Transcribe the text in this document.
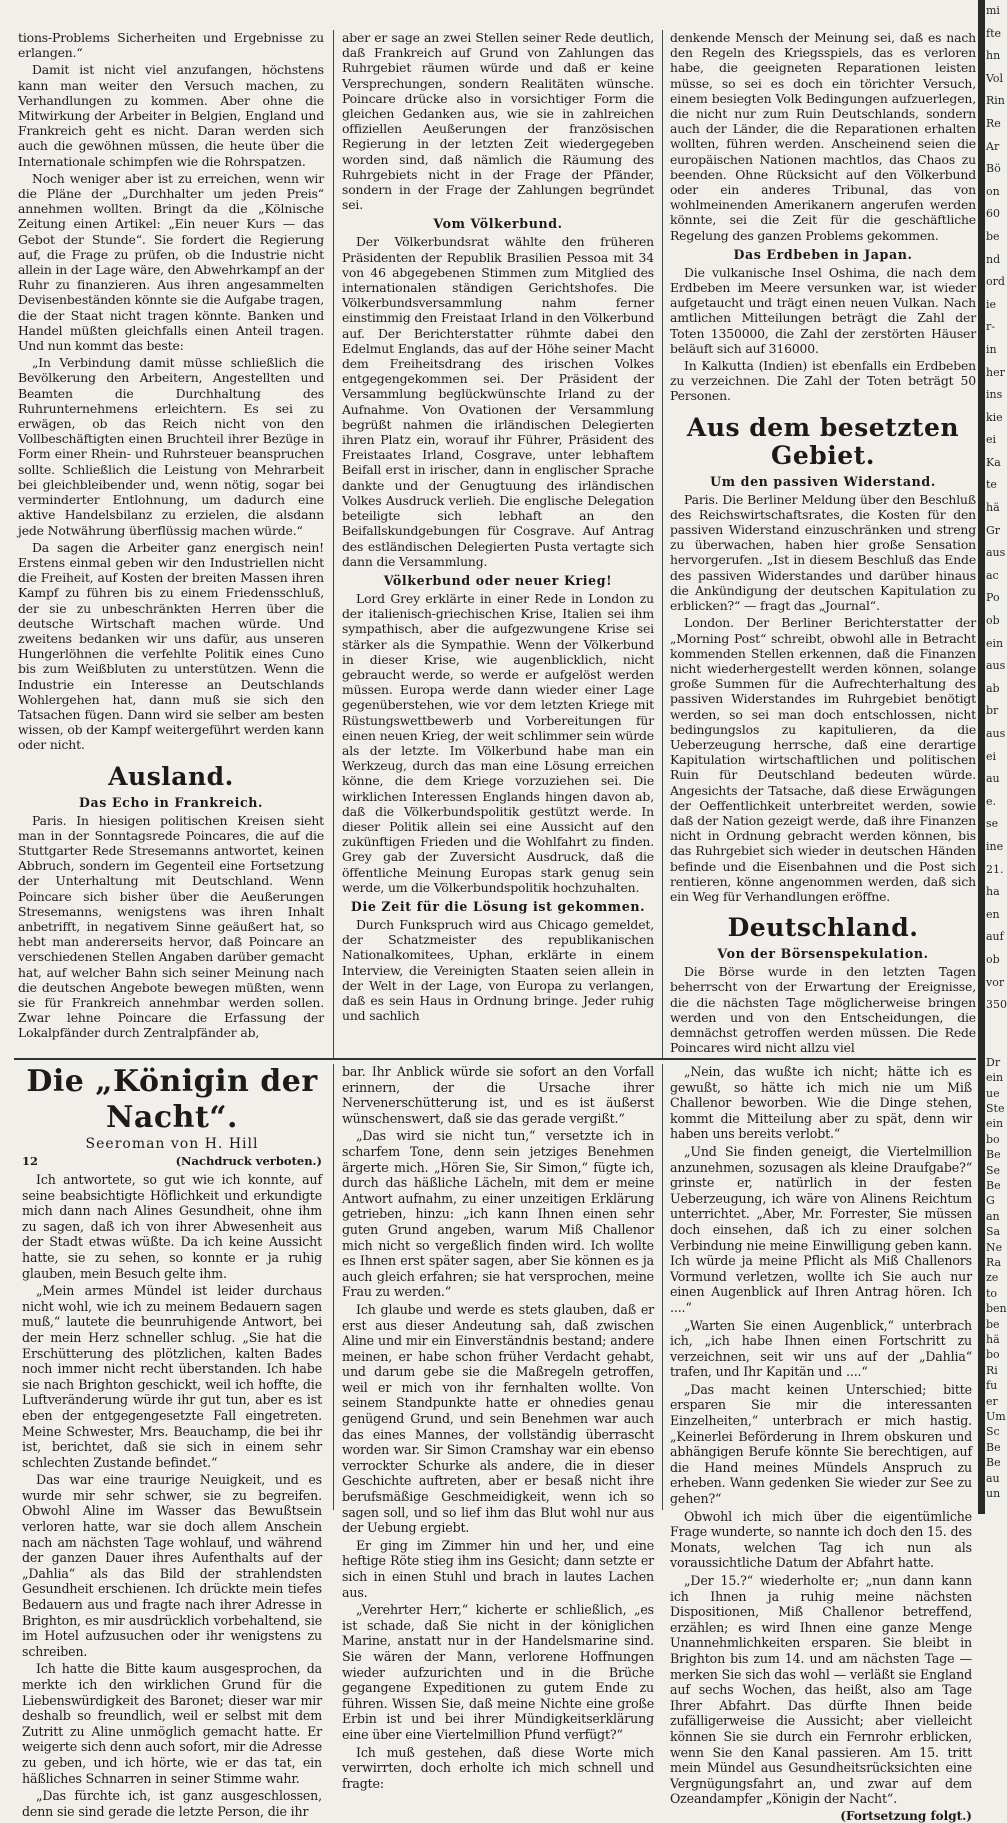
tions-Problems Sicherheiten und Ergebnisse zu erlangen.“

Damit ist nicht viel anzufangen, höchstens kann man weiter den Versuch machen, zu Verhandlungen zu kommen. Aber ohne die Mitwirkung der Arbeiter in Belgien, England und Frankreich geht es nicht. Daran werden sich auch die gewöhnen müssen, die heute über die Internationale schimpfen wie die Rohrspatzen.

Noch weniger aber ist zu erreichen, wenn wir die Pläne der „Durchhalter um jeden Preis“ annehmen wollten. Bringt da die „Kölnische Zeitung einen Artikel: „Ein neuer Kurs — das Gebot der Stunde“. Sie fordert die Regierung auf, die Frage zu prüfen, ob die Industrie nicht allein in der Lage wäre, den Abwehrkampf an der Ruhr zu finanzieren. Aus ihren angesammelten Devisenbeständen könnte sie die Aufgabe tragen, die der Staat nicht tragen könnte. Banken und Handel müßten gleichfalls einen Anteil tragen. Und nun kommt das beste:

„In Verbindung damit müsse schließlich die Bevölkerung den Arbeitern, Angestellten und Beamten die Durchhaltung des Ruhrunternehmens erleichtern. Es sei zu erwägen, ob das Reich nicht von den Vollbeschäftigten einen Bruchteil ihrer Bezüge in Form einer Rhein- und Ruhrsteuer beanspruchen sollte. Schließlich die Leistung von Mehrarbeit bei gleichbleibender und, wenn nötig, sogar bei verminderter Entlohnung, um dadurch eine aktive Handelsbilanz zu erzielen, die alsdann jede Notwährung überflüssig machen würde.“

Da sagen die Arbeiter ganz energisch nein! Erstens einmal geben wir den Industriellen nicht die Freiheit, auf Kosten der breiten Massen ihren Kampf zu führen bis zu einem Friedensschluß, der sie zu unbeschränkten Herren über die deutsche Wirtschaft machen würde. Und zweitens bedanken wir uns dafür, aus unseren Hungerlöhnen die verfehlte Politik eines Cuno bis zum Weißbluten zu unterstützen. Wenn die Industrie ein Interesse an Deutschlands Wohlergehen hat, dann muß sie sich den Tatsachen fügen. Dann wird sie selber am besten wissen, ob der Kampf weitergeführt werden kann oder nicht.

Ausland.
Das Echo in Frankreich.

Paris. In hiesigen politischen Kreisen sieht man in der Sonntagsrede Poincares, die auf die Stuttgarter Rede Stresemanns antwortet, keinen Abbruch, sondern im Gegenteil eine Fortsetzung der Unterhaltung mit Deutschland. Wenn Poincare sich bisher über die Aeußerungen Stresemanns, wenigstens was ihren Inhalt anbetrifft, in negativem Sinne geäußert hat, so hebt man andererseits hervor, daß Poincare an verschiedenen Stellen Angaben darüber gemacht hat, auf welcher Bahn sich seiner Meinung nach die deutschen Angebote bewegen müßten, wenn sie für Frankreich annehmbar werden sollen. Zwar lehne Poincare die Erfassung der Lokalpfänder durch Zentralpfänder ab,

aber er sage an zwei Stellen seiner Rede deutlich, daß Frankreich auf Grund von Zahlungen das Ruhrgebiet räumen würde und daß er keine Versprechungen, sondern Realitäten wünsche. Poincare drücke also in vorsichtiger Form die gleichen Gedanken aus, wie sie in zahlreichen offiziellen Aeußerungen der französischen Regierung in der letzten Zeit wiedergegeben worden sind, daß nämlich die Räumung des Ruhrgebiets nicht in der Frage der Pfänder, sondern in der Frage der Zahlungen begründet sei.

Vom Völkerbund.

Der Völkerbundsrat wählte den früheren Präsidenten der Republik Brasilien Pessoa mit 34 von 46 abgegebenen Stimmen zum Mitglied des internationalen ständigen Gerichtshofes. Die Völkerbundsversammlung nahm ferner einstimmig den Freistaat Irland in den Völkerbund auf. Der Berichterstatter rühmte dabei den Edelmut Englands, das auf der Höhe seiner Macht dem Freiheitsdrang des irischen Volkes entgegengekommen sei. Der Präsident der Versammlung beglückwünschte Irland zu der Aufnahme. Von Ovationen der Versammlung begrüßt nahmen die irländischen Delegierten ihren Platz ein, worauf ihr Führer, Präsident des Freistaates Irland, Cosgrave, unter lebhaftem Beifall erst in irischer, dann in englischer Sprache dankte und der Genugtuung des irländischen Volkes Ausdruck verlieh. Die englische Delegation beteiligte sich lebhaft an den Beifallskundgebungen für Cosgrave. Auf Antrag des estländischen Delegierten Pusta vertagte sich dann die Versammlung.

Völkerbund oder neuer Krieg!

Lord Grey erklärte in einer Rede in London zu der italienisch-griechischen Krise, Italien sei ihm sympathisch, aber die aufgezwungene Krise sei stärker als die Sympathie. Wenn der Völkerbund in dieser Krise, wie augenblicklich, nicht gebraucht werde, so werde er aufgelöst werden müssen. Europa werde dann wieder einer Lage gegenüberstehen, wie vor dem letzten Kriege mit Rüstungswettbewerb und Vorbereitungen für einen neuen Krieg, der weit schlimmer sein würde als der letzte. Im Völkerbund habe man ein Werkzeug, durch das man eine Lösung erreichen könne, die dem Kriege vorzuziehen sei. Die wirklichen Interessen Englands hingen davon ab, daß die Völkerbundspolitik gestützt werde. In dieser Politik allein sei eine Aussicht auf den zukünftigen Frieden und die Wohlfahrt zu finden. Grey gab der Zuversicht Ausdruck, daß die öffentliche Meinung Europas stark genug sein werde, um die Völkerbundspolitik hochzuhalten.

Die Zeit für die Lösung ist gekommen.

Durch Funkspruch wird aus Chicago gemeldet, der Schatzmeister des republikanischen Nationalkomitees, Uphan, erklärte in einem Interview, die Vereinigten Staaten seien allein in der Welt in der Lage, von Europa zu verlangen, daß es sein Haus in Ordnung bringe. Jeder ruhig und sachlich

denkende Mensch der Meinung sei, daß es nach den Regeln des Kriegsspiels, das es verloren habe, die geeigneten Reparationen leisten müsse, so sei es doch ein törichter Versuch, einem besiegten Volk Bedingungen aufzuerlegen, die nicht nur zum Ruin Deutschlands, sondern auch der Länder, die die Reparationen erhalten wollten, führen werden. Anscheinend seien die europäischen Nationen machtlos, das Chaos zu beenden. Ohne Rücksicht auf den Völkerbund oder ein anderes Tribunal, das von wohlmeinenden Amerikanern angerufen werden könnte, sei die Zeit für die geschäftliche Regelung des ganzen Problems gekommen.

Das Erdbeben in Japan.

Die vulkanische Insel Oshima, die nach dem Erdbeben im Meere versunken war, ist wieder aufgetaucht und trägt einen neuen Vulkan. Nach amtlichen Mitteilungen beträgt die Zahl der Toten 1350000, die Zahl der zerstörten Häuser beläuft sich auf 316000.

In Kalkutta (Indien) ist ebenfalls ein Erdbeben zu verzeichnen. Die Zahl der Toten beträgt 50 Personen.

Aus dem besetzten Gebiet.
Um den passiven Widerstand.

Paris. Die Berliner Meldung über den Beschluß des Reichswirtschaftsrates, die Kosten für den passiven Widerstand einzuschränken und streng zu überwachen, haben hier große Sensation hervorgerufen. „Ist in diesem Beschluß das Ende des passiven Widerstandes und darüber hinaus die Ankündigung der deutschen Kapitulation zu erblicken?“ — fragt das „Journal“.

London. Der Berliner Berichterstatter der „Morning Post“ schreibt, obwohl alle in Betracht kommenden Stellen erkennen, daß die Finanzen nicht wiederhergestellt werden können, solange große Summen für die Aufrechterhaltung des passiven Widerstandes im Ruhrgebiet benötigt werden, so sei man doch entschlossen, nicht bedingungslos zu kapitulieren, da die Ueberzeugung herrsche, daß eine derartige Kapitulation wirtschaftlichen und politischen Ruin für Deutschland bedeuten würde. Angesichts der Tatsache, daß diese Erwägungen der Oeffentlichkeit unterbreitet werden, sowie daß der Nation gezeigt werde, daß ihre Finanzen nicht in Ordnung gebracht werden können, bis das Ruhrgebiet sich wieder in deutschen Händen befinde und die Eisenbahnen und die Post sich rentieren, könne angenommen werden, daß sich ein Weg für Verhandlungen eröffne.

Deutschland.
Von der Börsenspekulation.

Die Börse wurde in den letzten Tagen beherrscht von der Erwartung der Ereignisse, die die nächsten Tage möglicherweise bringen werden und von den Entscheidungen, die demnächst getroffen werden müssen. Die Rede Poincares wird nicht allzu viel

Die „Königin der Nacht“.
Seeroman von H. Hill
12	(Nachdruck verboten.)

Ich antwortete, so gut wie ich konnte, auf seine beabsichtigte Höflichkeit und erkundigte mich dann nach Alines Gesundheit, ohne ihm zu sagen, daß ich von ihrer Abwesenheit aus der Stadt etwas wüßte. Da ich keine Aussicht hatte, sie zu sehen, so konnte er ja ruhig glauben, mein Besuch gelte ihm.

„Mein armes Mündel ist leider durchaus nicht wohl, wie ich zu meinem Bedauern sagen muß,“ lautete die beunruhigende Antwort, bei der mein Herz schneller schlug. „Sie hat die Erschütterung des plötzlichen, kalten Bades noch immer nicht recht überstanden. Ich habe sie nach Brighton geschickt, weil ich hoffte, die Luftveränderung würde ihr gut tun, aber es ist eben der entgegengesetzte Fall eingetreten. Meine Schwester, Mrs. Beauchamp, die bei ihr ist, berichtet, daß sie sich in einem sehr schlechten Zustande befindet.“

Das war eine traurige Neuigkeit, und es wurde mir sehr schwer, sie zu begreifen. Obwohl Aline im Wasser das Bewußtsein verloren hatte, war sie doch allem Anschein nach am nächsten Tage wohlauf, und während der ganzen Dauer ihres Aufenthalts auf der „Dahlia“ als das Bild der strahlendsten Gesundheit erschienen. Ich drückte mein tiefes Bedauern aus und fragte nach ihrer Adresse in Brighton, es mir ausdrücklich vorbehaltend, sie im Hotel aufzusuchen oder ihr wenigstens zu schreiben.

Ich hatte die Bitte kaum ausgesprochen, da merkte ich den wirklichen Grund für die Liebenswürdigkeit des Baronet; dieser war mir deshalb so freundlich, weil er selbst mit dem Zutritt zu Aline unmöglich gemacht hatte. Er weigerte sich denn auch sofort, mir die Adresse zu geben, und ich hörte, wie er das tat, ein häßliches Schnarren in seiner Stimme wahr.

„Das fürchte ich, ist ganz ausgeschlossen, denn sie sind gerade die letzte Person, die ihr

bar. Ihr Anblick würde sie sofort an den Vorfall erinnern, der die Ursache ihrer Nervenerschütterung ist, und es ist äußerst wünschenswert, daß sie das gerade vergißt.“

„Das wird sie nicht tun,“ versetzte ich in scharfem Tone, denn sein jetziges Benehmen ärgerte mich. „Hören Sie, Sir Simon,“ fügte ich, durch das häßliche Lächeln, mit dem er meine Antwort aufnahm, zu einer unzeitigen Erklärung getrieben, hinzu: „ich kann Ihnen einen sehr guten Grund angeben, warum Miß Challenor mich nicht so vergeßlich finden wird. Ich wollte es Ihnen erst später sagen, aber Sie können es ja auch gleich erfahren; sie hat versprochen, meine Frau zu werden.“

Ich glaube und werde es stets glauben, daß er erst aus dieser Andeutung sah, daß zwischen Aline und mir ein Einverständnis bestand; andere meinen, er habe schon früher Verdacht gehabt, und darum gebe sie die Maßregeln getroffen, weil er mich von ihr fernhalten wollte. Von seinem Standpunkte hatte er ohnedies genau genügend Grund, und sein Benehmen war auch das eines Mannes, der vollständig überrascht worden war. Sir Simon Cramshay war ein ebenso verrockter Schurke als andere, die in dieser Geschichte auftreten, aber er besaß nicht ihre berufsmäßige Geschmeidigkeit, wenn ich so sagen soll, und so lief ihm das Blut wohl nur aus der Uebung ergiebt.

Er ging im Zimmer hin und her, und eine heftige Röte stieg ihm ins Gesicht; dann setzte er sich in einen Stuhl und brach in lautes Lachen aus.

„Verehrter Herr,“ kicherte er schließlich, „es ist schade, daß Sie nicht in der königlichen Marine, anstatt nur in der Handelsmarine sind. Sie wären der Mann, verlorene Hoffnungen wieder aufzurichten und in die Brüche gegangene Expeditionen zu gutem Ende zu führen. Wissen Sie, daß meine Nichte eine große Erbin ist und bei ihrer Mündigkeitserklärung eine über eine Viertelmillion Pfund verfügt?“

Ich muß gestehen, daß diese Worte mich verwirrten, doch erholte ich mich schnell und fragte:

„Nein, das wußte ich nicht; hätte ich es gewußt, so hätte ich mich nie um Miß Challenor beworben. Wie die Dinge stehen, kommt die Mitteilung aber zu spät, denn wir haben uns bereits verlobt.“

„Und Sie finden geneigt, die Viertelmillion anzunehmen, sozusagen als kleine Draufgabe?“ grinste er, natürlich in der festen Ueberzeugung, ich wäre von Alinens Reichtum unterrichtet. „Aber, Mr. Forrester, Sie müssen doch einsehen, daß ich zu einer solchen Verbindung nie meine Einwilligung geben kann. Ich würde ja meine Pflicht als Miß Challenors Vormund verletzen, wollte ich Sie auch nur einen Augenblick auf Ihren Antrag hören. Ich ....“

„Warten Sie einen Augenblick,“ unterbrach ich, „ich habe Ihnen einen Fortschritt zu verzeichnen, seit wir uns auf der „Dahlia“ trafen, und Ihr Kapitän und ....“

„Das macht keinen Unterschied; bitte ersparen Sie mir die interessanten Einzelheiten,“ unterbrach er mich hastig. „Keinerlei Beförderung in Ihrem obskuren und abhängigen Berufe könnte Sie berechtigen, auf die Hand meines Mündels Anspruch zu erheben. Wann gedenken Sie wieder zur See zu gehen?“

Obwohl ich mich über die eigentümliche Frage wunderte, so nannte ich doch den 15. des Monats, welchen Tag ich nun als voraussichtliche Datum der Abfahrt hatte.

„Der 15.?“ wiederholte er; „nun dann kann ich Ihnen ja ruhig meine nächsten Dispositionen, Miß Challenor betreffend, erzählen; es wird Ihnen eine ganze Menge Unannehmlichkeiten ersparen. Sie bleibt in Brighton bis zum 14. und am nächsten Tage — merken Sie sich das wohl — verläßt sie England auf sechs Wochen, das heißt, also am Tage Ihrer Abfahrt. Das dürfte Ihnen beide zufälligerweise die Aussicht; aber vielleicht können Sie sie durch ein Fernrohr erblicken, wenn Sie den Kanal passieren. Am 15. tritt mein Mündel aus Gesundheitsrücksichten eine Vergnügungsfahrt an, und zwar auf dem Ozeandampfer „Königin der Nacht“.

(Fortsetzung folgt.)
mi
fte
hn
Vol
Rin
Re
Ar
Bö
on
60
be
nd
ord
ie
r-
in
her
ins
kie
ei
Ka
te
hä
Gr
aus
ac
Po
ob
ein
aus
ab
br
aus
ei
au
e.
se
ine
21.
ha
en
auf
ob
vor
350
Dr
ein
ue
Ste
ein
bo
Be
Se
Be
G
an
Sa
Ne
Ra
ze
to
ben
be
hä
bo
Ri
fu
er
Um
Sc
Be
Be
au
un
